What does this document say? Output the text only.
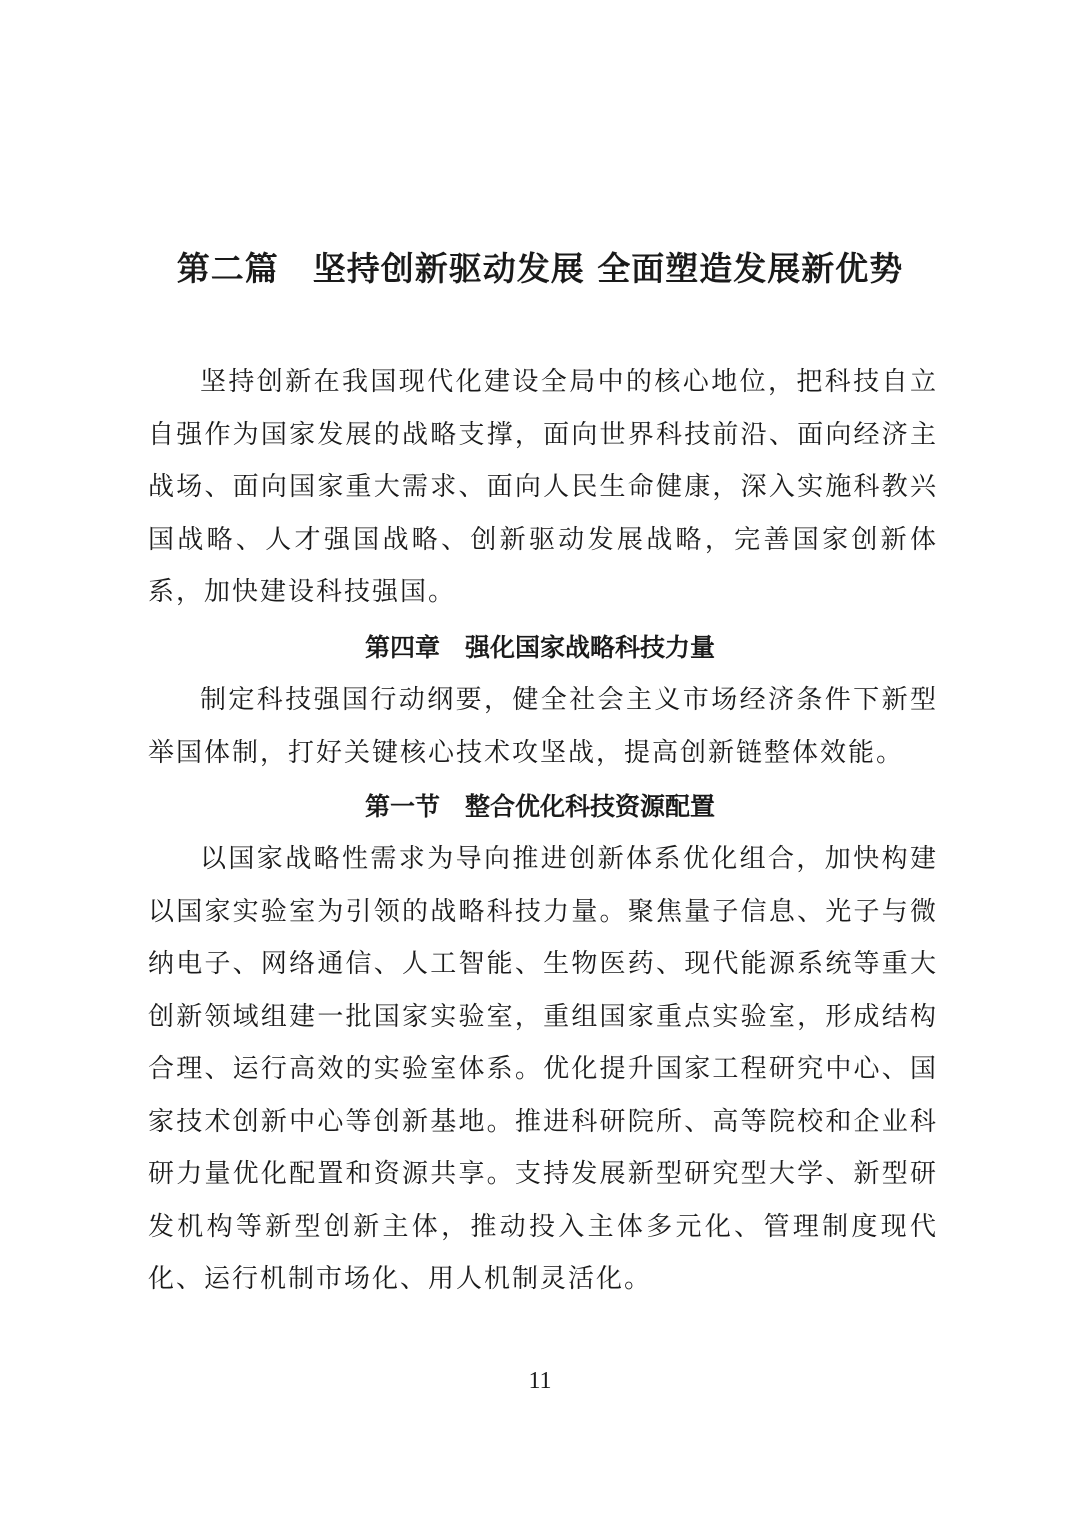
第二篇　坚持创新驱动发展 全面塑造发展新优势

坚持创新在我国现代化建设全局中的核心地位，把科技自立自强作为国家发展的战略支撑，面向世界科技前沿、面向经济主战场、面向国家重大需求、面向人民生命健康，深入实施科教兴国战略、人才强国战略、创新驱动发展战略，完善国家创新体系，加快建设科技强国。

第四章　强化国家战略科技力量

制定科技强国行动纲要，健全社会主义市场经济条件下新型举国体制，打好关键核心技术攻坚战，提高创新链整体效能。

第一节　整合优化科技资源配置

以国家战略性需求为导向推进创新体系优化组合，加快构建以国家实验室为引领的战略科技力量。聚焦量子信息、光子与微纳电子、网络通信、人工智能、生物医药、现代能源系统等重大创新领域组建一批国家实验室，重组国家重点实验室，形成结构合理、运行高效的实验室体系。优化提升国家工程研究中心、国家技术创新中心等创新基地。推进科研院所、高等院校和企业科研力量优化配置和资源共享。支持发展新型研究型大学、新型研发机构等新型创新主体，推动投入主体多元化、管理制度现代化、运行机制市场化、用人机制灵活化。

11
